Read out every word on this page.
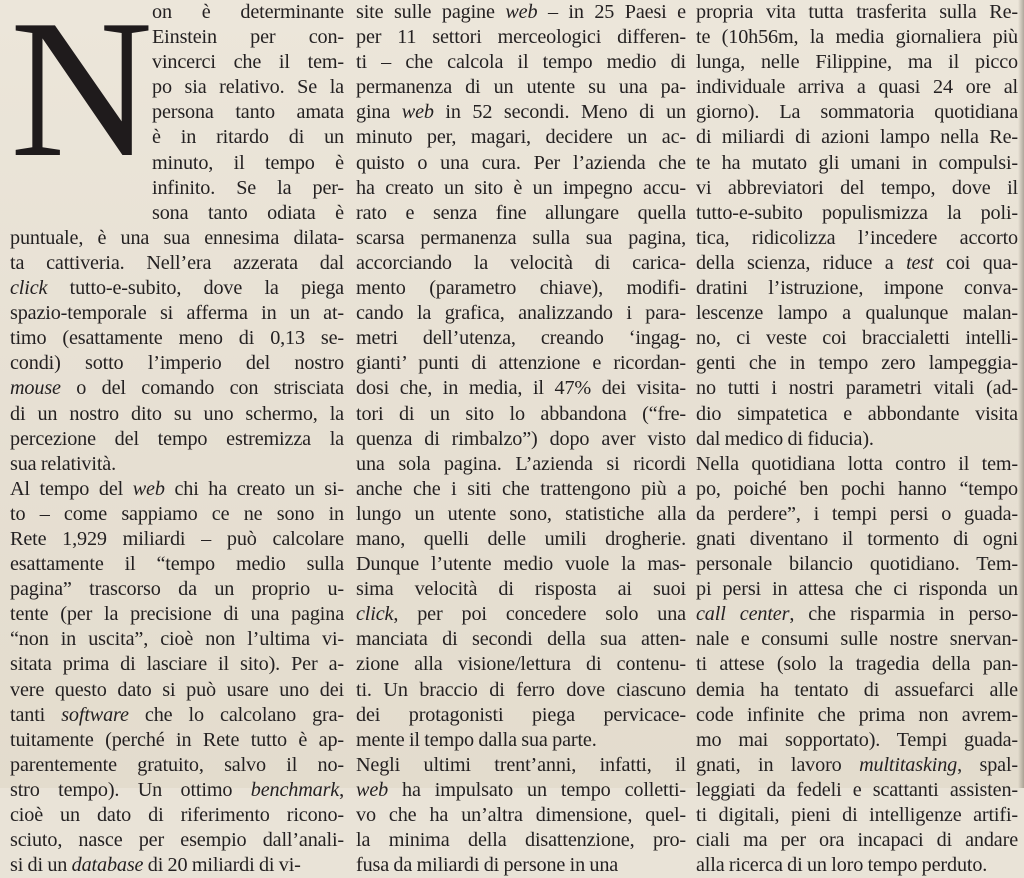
N on è determinante
Einstein per con-
vincerci che il tem-
po sia relativo. Se la
persona tanto amata
è in ritardo di un
minuto, il tempo è
infinito. Se la per-
sona tanto odiata è
puntuale, è una sua ennesima dilata-
ta cattiveria. Nell’era azzerata dal
click tutto-e-subito, dove la piega
spazio-temporale si afferma in un at-
timo (esattamente meno di 0,13 se-
condi) sotto l’imperio del nostro
mouse o del comando con strisciata
di un nostro dito su uno schermo, la
percezione del tempo estremizza la
sua relatività.
Al tempo del web chi ha creato un si-
to – come sappiamo ce ne sono in
Rete 1,929 miliardi – può calcolare
esattamente il “tempo medio sulla
pagina” trascorso da un proprio u-
tente (per la precisione di una pagina
“non in uscita”, cioè non l’ultima vi-
sitata prima di lasciare il sito). Per a-
vere questo dato si può usare uno dei
tanti software che lo calcolano gra-
tuitamente (perché in Rete tutto è ap-
parentemente gratuito, salvo il no-
stro tempo). Un ottimo benchmark,
cioè un dato di riferimento ricono-
sciuto, nasce per esempio dall’anali-
si di un database di 20 miliardi di vi-
site sulle pagine web – in 25 Paesi e
per 11 settori merceologici differen-
ti – che calcola il tempo medio di
permanenza di un utente su una pa-
gina web in 52 secondi. Meno di un
minuto per, magari, decidere un ac-
quisto o una cura. Per l’azienda che
ha creato un sito è un impegno accu-
rato e senza fine allungare quella
scarsa permanenza sulla sua pagina,
accorciando la velocità di carica-
mento (parametro chiave), modifi-
cando la grafica, analizzando i para-
metri dell’utenza, creando ‘ingag-
gianti’ punti di attenzione e ricordan-
dosi che, in media, il 47% dei visita-
tori di un sito lo abbandona (“fre-
quenza di rimbalzo”) dopo aver visto
una sola pagina. L’azienda si ricordi
anche che i siti che trattengono più a
lungo un utente sono, statistiche alla
mano, quelli delle umili drogherie.
Dunque l’utente medio vuole la mas-
sima velocità di risposta ai suoi
click, per poi concedere solo una
manciata di secondi della sua atten-
zione alla visione/lettura di contenu-
ti. Un braccio di ferro dove ciascuno
dei protagonisti piega pervicace-
mente il tempo dalla sua parte.
Negli ultimi trent’anni, infatti, il
web ha impulsato un tempo colletti-
vo che ha un’altra dimensione, quel-
la minima della disattenzione, pro-
fusa da miliardi di persone in una
propria vita tutta trasferita sulla Re-
te (10h56m, la media giornaliera più
lunga, nelle Filippine, ma il picco
individuale arriva a quasi 24 ore al
giorno). La sommatoria quotidiana
di miliardi di azioni lampo nella Re-
te ha mutato gli umani in compulsi-
vi abbreviatori del tempo, dove il
tutto-e-subito populismizza la poli-
tica, ridicolizza l’incedere accorto
della scienza, riduce a test coi qua-
dratini l’istruzione, impone conva-
lescenze lampo a qualunque malan-
no, ci veste coi braccialetti intelli-
genti che in tempo zero lampeggia-
no tutti i nostri parametri vitali (ad-
dio simpatetica e abbondante visita
dal medico di fiducia).
Nella quotidiana lotta contro il tem-
po, poiché ben pochi hanno “tempo
da perdere”, i tempi persi o guada-
gnati diventano il tormento di ogni
personale bilancio quotidiano. Tem-
pi persi in attesa che ci risponda un
call center, che risparmia in perso-
nale e consumi sulle nostre snervan-
ti attese (solo la tragedia della pan-
demia ha tentato di assuefarci alle
code infinite che prima non avrem-
mo mai sopportato). Tempi guada-
gnati, in lavoro multitasking, spal-
leggiati da fedeli e scattanti assisten-
ti digitali, pieni di intelligenze artifi-
ciali ma per ora incapaci di andare
alla ricerca di un loro tempo perduto.
